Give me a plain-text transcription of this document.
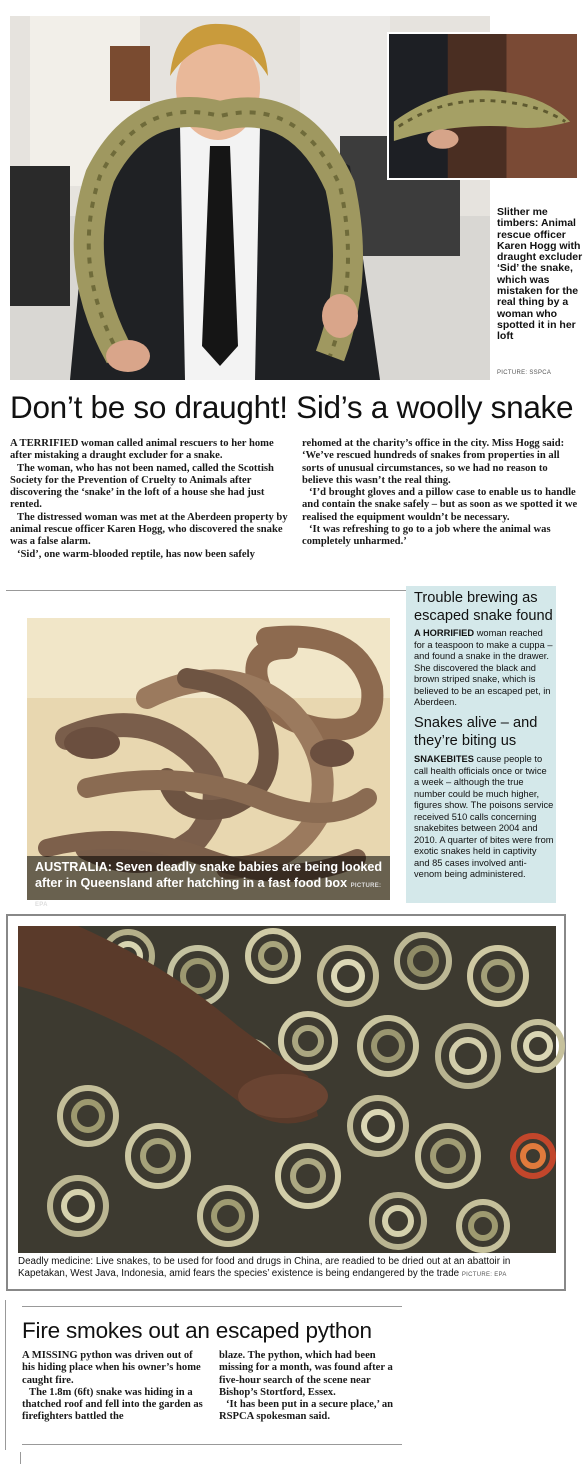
Slither me timbers: Animal rescue officer Karen Hogg with draught excluder ‘Sid’ the snake, which was mistaken for the real thing by a woman who spotted it in her loft
PICTURE: SSPCA
Don’t be so draught! Sid’s a woolly snake

A TERRIFIED woman called animal rescuers to her home after mistaking a draught excluder for a snake.

The woman, who has not been named, called the Scottish Society for the Prevention of Cruelty to Animals after discovering the ‘snake’ in the loft of a house she had just rented.

The distressed woman was met at the Aberdeen property by animal rescue officer Karen Hogg, who discovered the snake was a false alarm.

‘Sid’, one warm-blooded reptile, has now been safely

rehomed at the charity’s office in the city. Miss Hogg said: ‘We’ve rescued hundreds of snakes from properties in all sorts of unusual circumstances, so we had no reason to believe this wasn’t the real thing.

‘I’d brought gloves and a pillow case to enable us to handle and contain the snake safely – but as soon as we spotted it we realised the equipment wouldn’t be necessary.

‘It was refreshing to go to a job where the animal was completely unharmed.’

AUSTRALIA: Seven deadly snake babies are being looked after in Queensland after hatching in a fast food box PICTURE: EPA
Trouble brewing as escaped snake found
A HORRIFIED woman reached for a teaspoon to make a cuppa – and found a snake in the drawer. She discovered the black and brown striped snake, which is believed to be an escaped pet, in Aberdeen.
Snakes alive – and they’re biting us
SNAKEBITES cause people to call health officials once or twice a week – although the true number could be much higher, figures show. The poisons service received 510 calls concerning snakebites between 2004 and 2010. A quarter of bites were from exotic snakes held in captivity and 85 cases involved anti-venom being administered.
Deadly medicine: Live snakes, to be used for food and drugs in China, are readied to be dried out at an abattoir in Kapetakan, West Java, Indonesia, amid fears the species’ existence is being endangered by the trade PICTURE: EPA
Fire smokes out an escaped python

A MISSING python was driven out of his hiding place when his owner’s home caught fire.

The 1.8m (6ft) snake was hiding in a thatched roof and fell into the garden as firefighters battled the

blaze. The python, which had been missing for a month, was found after a five-hour search of the scene near Bishop’s Stortford, Essex.

‘It has been put in a secure place,’ an RSPCA spokesman said.
